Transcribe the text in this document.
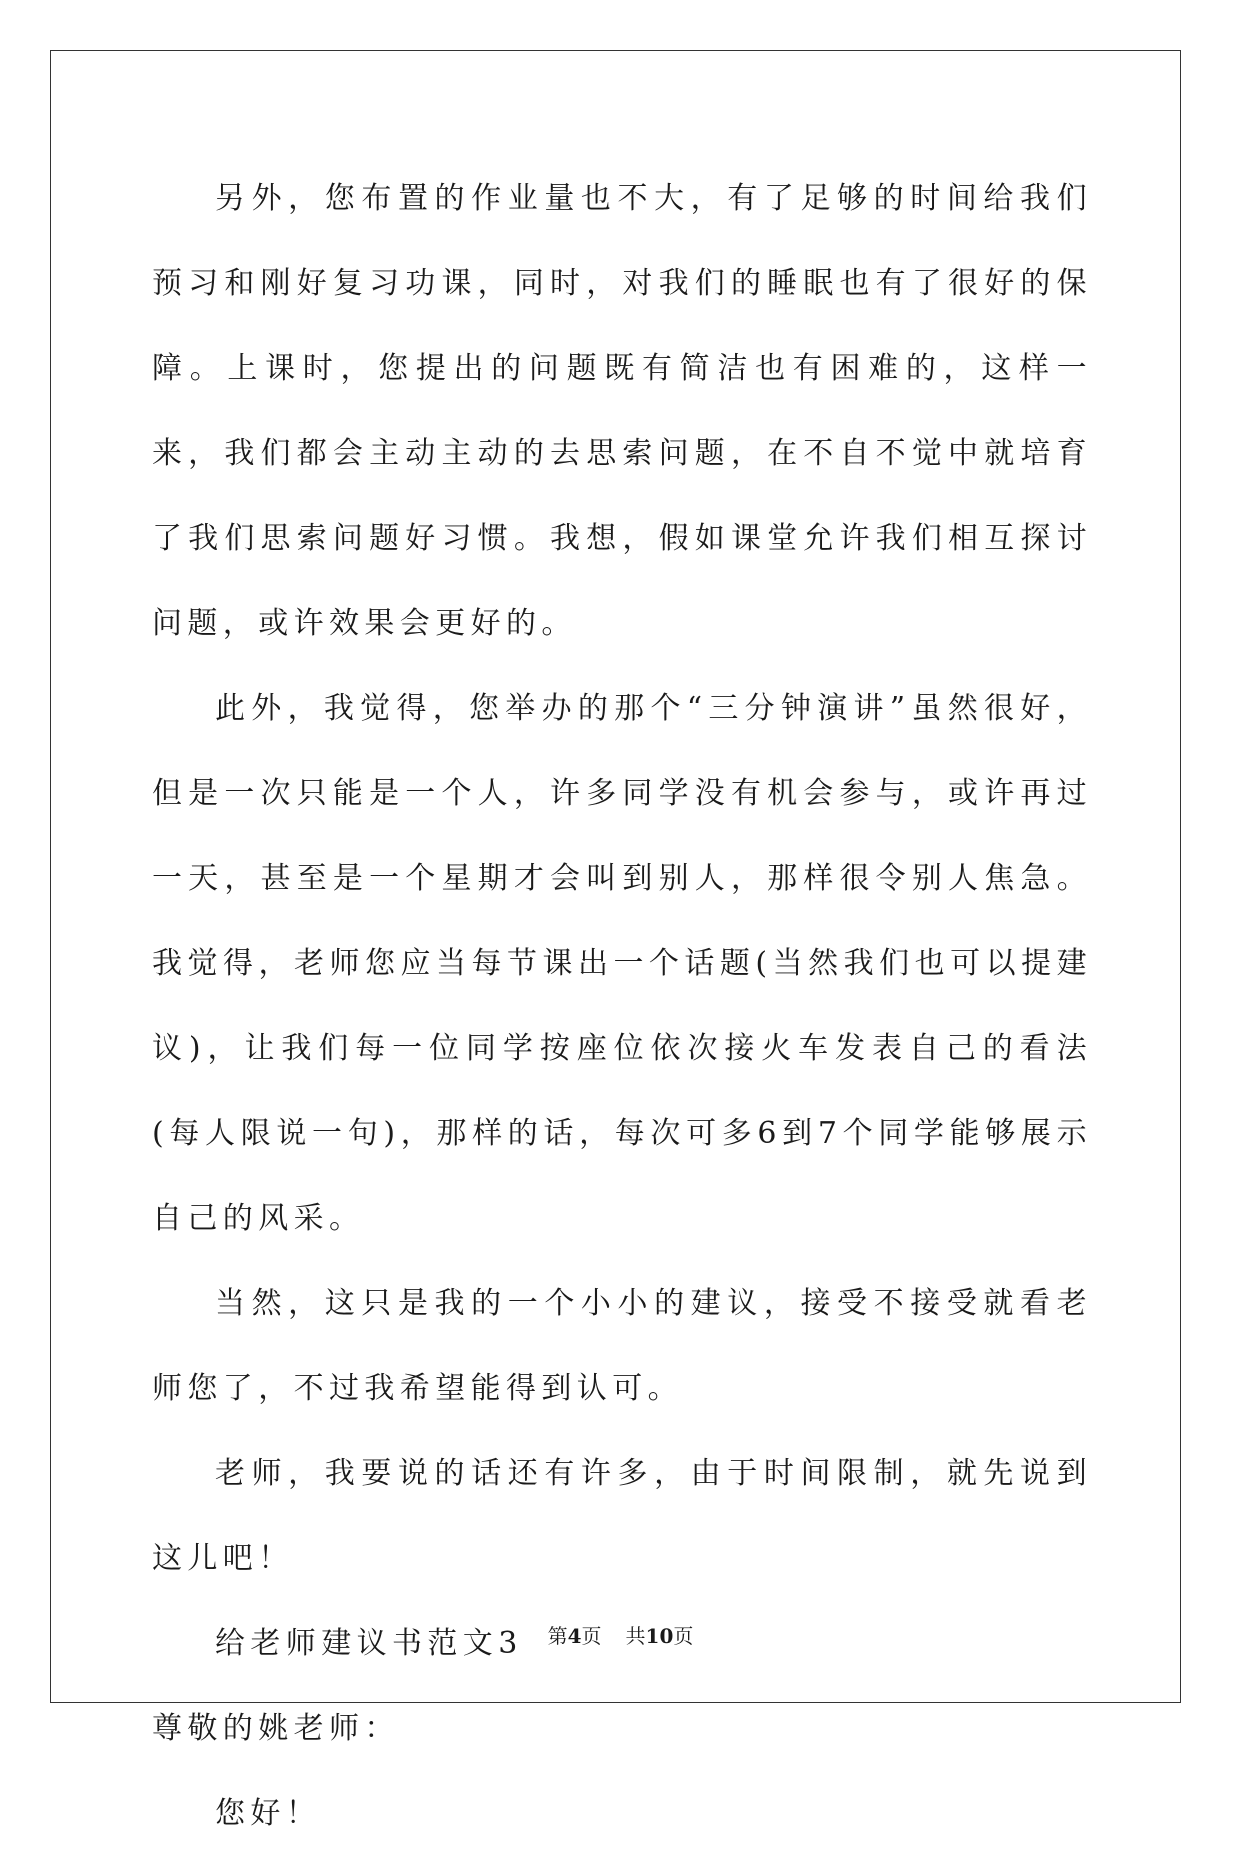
另外，您布置的作业量也不大，有了足够的时间给我们预习和刚好复习功课，同时，对我们的睡眠也有了很好的保障。上课时，您提出的问题既有简洁也有困难的，这样一来，我们都会主动主动的去思索问题，在不自不觉中就培育了我们思索问题好习惯。我想，假如课堂允许我们相互探讨问题，或许效果会更好的。

此外，我觉得，您举办的那个“三分钟演讲”虽然很好，但是一次只能是一个人，许多同学没有机会参与，或许再过一天，甚至是一个星期才会叫到别人，那样很令别人焦急。我觉得，老师您应当每节课出一个话题(当然我们也可以提建议)，让我们每一位同学按座位依次接火车发表自己的看法(每人限说一句)，那样的话，每次可多6到7个同学能够展示自己的风采。

当然，这只是我的一个小小的建议，接受不接受就看老师您了，不过我希望能得到认可。

老师，我要说的话还有许多，由于时间限制，就先说到这儿吧！

给老师建议书范文3

尊敬的姚老师：

您好！

第4页 共10页
